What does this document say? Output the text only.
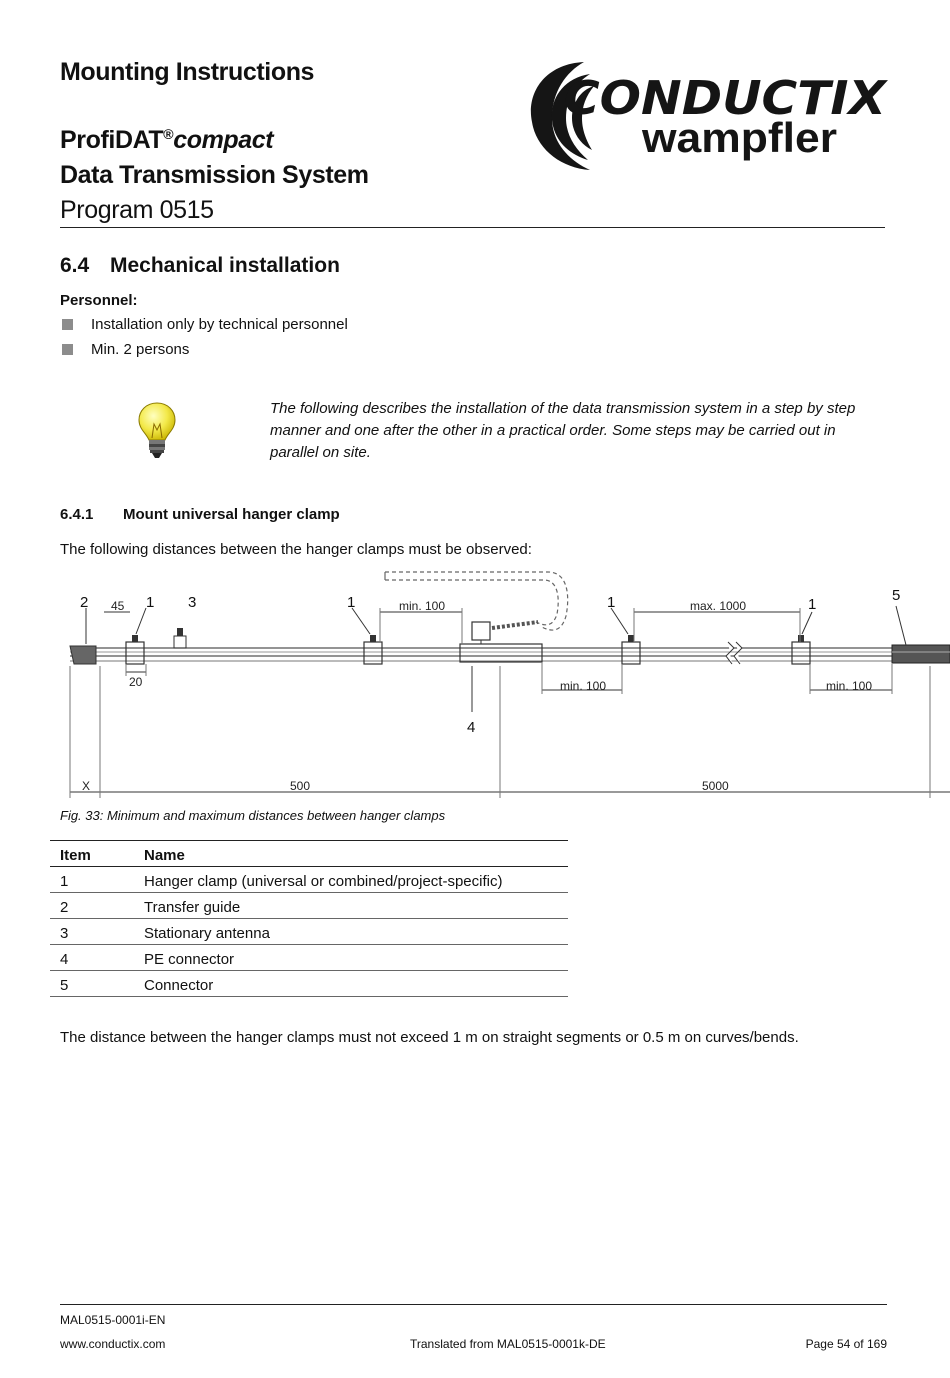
Mounting Instructions
ProfiDAT®compact
Data Transmission System
Program 0515
CONDUCTIX
wampfler
6.4 Mechanical installation
Personnel:
Installation only by technical personnel
Min. 2 persons
The following describes the installation of the data transmission system in a step by step manner and one after the other in a practical order. Some steps may be carried out in parallel on site.
6.4.1 Mount universal hanger clamp
The following distances between the hanger clamps must be observed:
2	1 3	1	1	1
5
4
45
20
min. 100	max. 1000
min. 100	min. 100
X	500	5000
Fig. 33: Minimum and maximum distances between hanger clamps
Item	Name
1	Hanger clamp (universal or combined/project-specific)
2	Transfer guide
3	Stationary antenna
4	PE connector
5	Connector
The distance between the hanger clamps must not exceed 1 m on straight segments or 0.5 m on curves/bends.
MAL0515-0001i-EN
www.conductix.com	Translated from MAL0515-0001k-DE	Page 54 of 169
